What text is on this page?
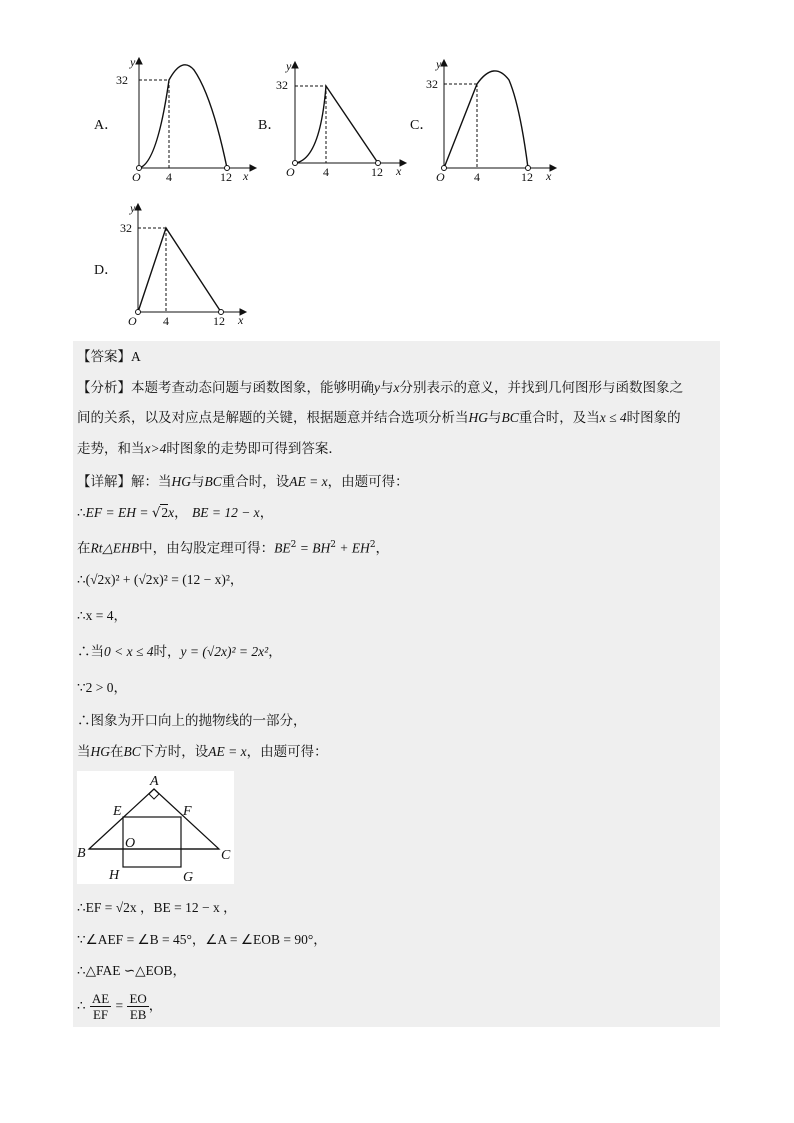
A．
O 4	12
32
x
y
B．
O 4	12
32
x
y
C．
O 4	12
32
x
y
D．
O 4	12
32
x
y
【答案】A
【分析】本题考查动态问题与函数图象，能够明确y与x分别表示的意义，并找到几何图形与函数图象之
间的关系，以及对应点是解题的关键，根据题意并结合选项分析当HG与BC重合时，及当x ≤ 4时图象的
走势，和当x>4时图象的走势即可得到答案．
【详解】解：当HG与BC重合时，设AE = x，由题可得：
∴EF = EH = √2x， BE = 12 − x，
在Rt△EHB中，由勾股定理可得：$BE^2 = BH^2 + EH^2$，
∴(√2x)² + (√2x)² = (12 − x)²，
∴x = 4，
∴当0 < x ≤ 4时，y = (√2x)² = 2x²，
∵2 > 0，
∴图象为开口向上的抛物线的一部分，
当HG在BC下方时，设AE = x，由题可得：
A
E	F
B
O
C
H	G
∴EF = √2x ，BE = 12 − x ，
∵∠AEF = ∠B = 45°，∠A = ∠EOB = 90°，
∴△FAE ∽△EOB，
∴ $\frac{AE}{EF} = \frac{EO}{EB}$ ，
